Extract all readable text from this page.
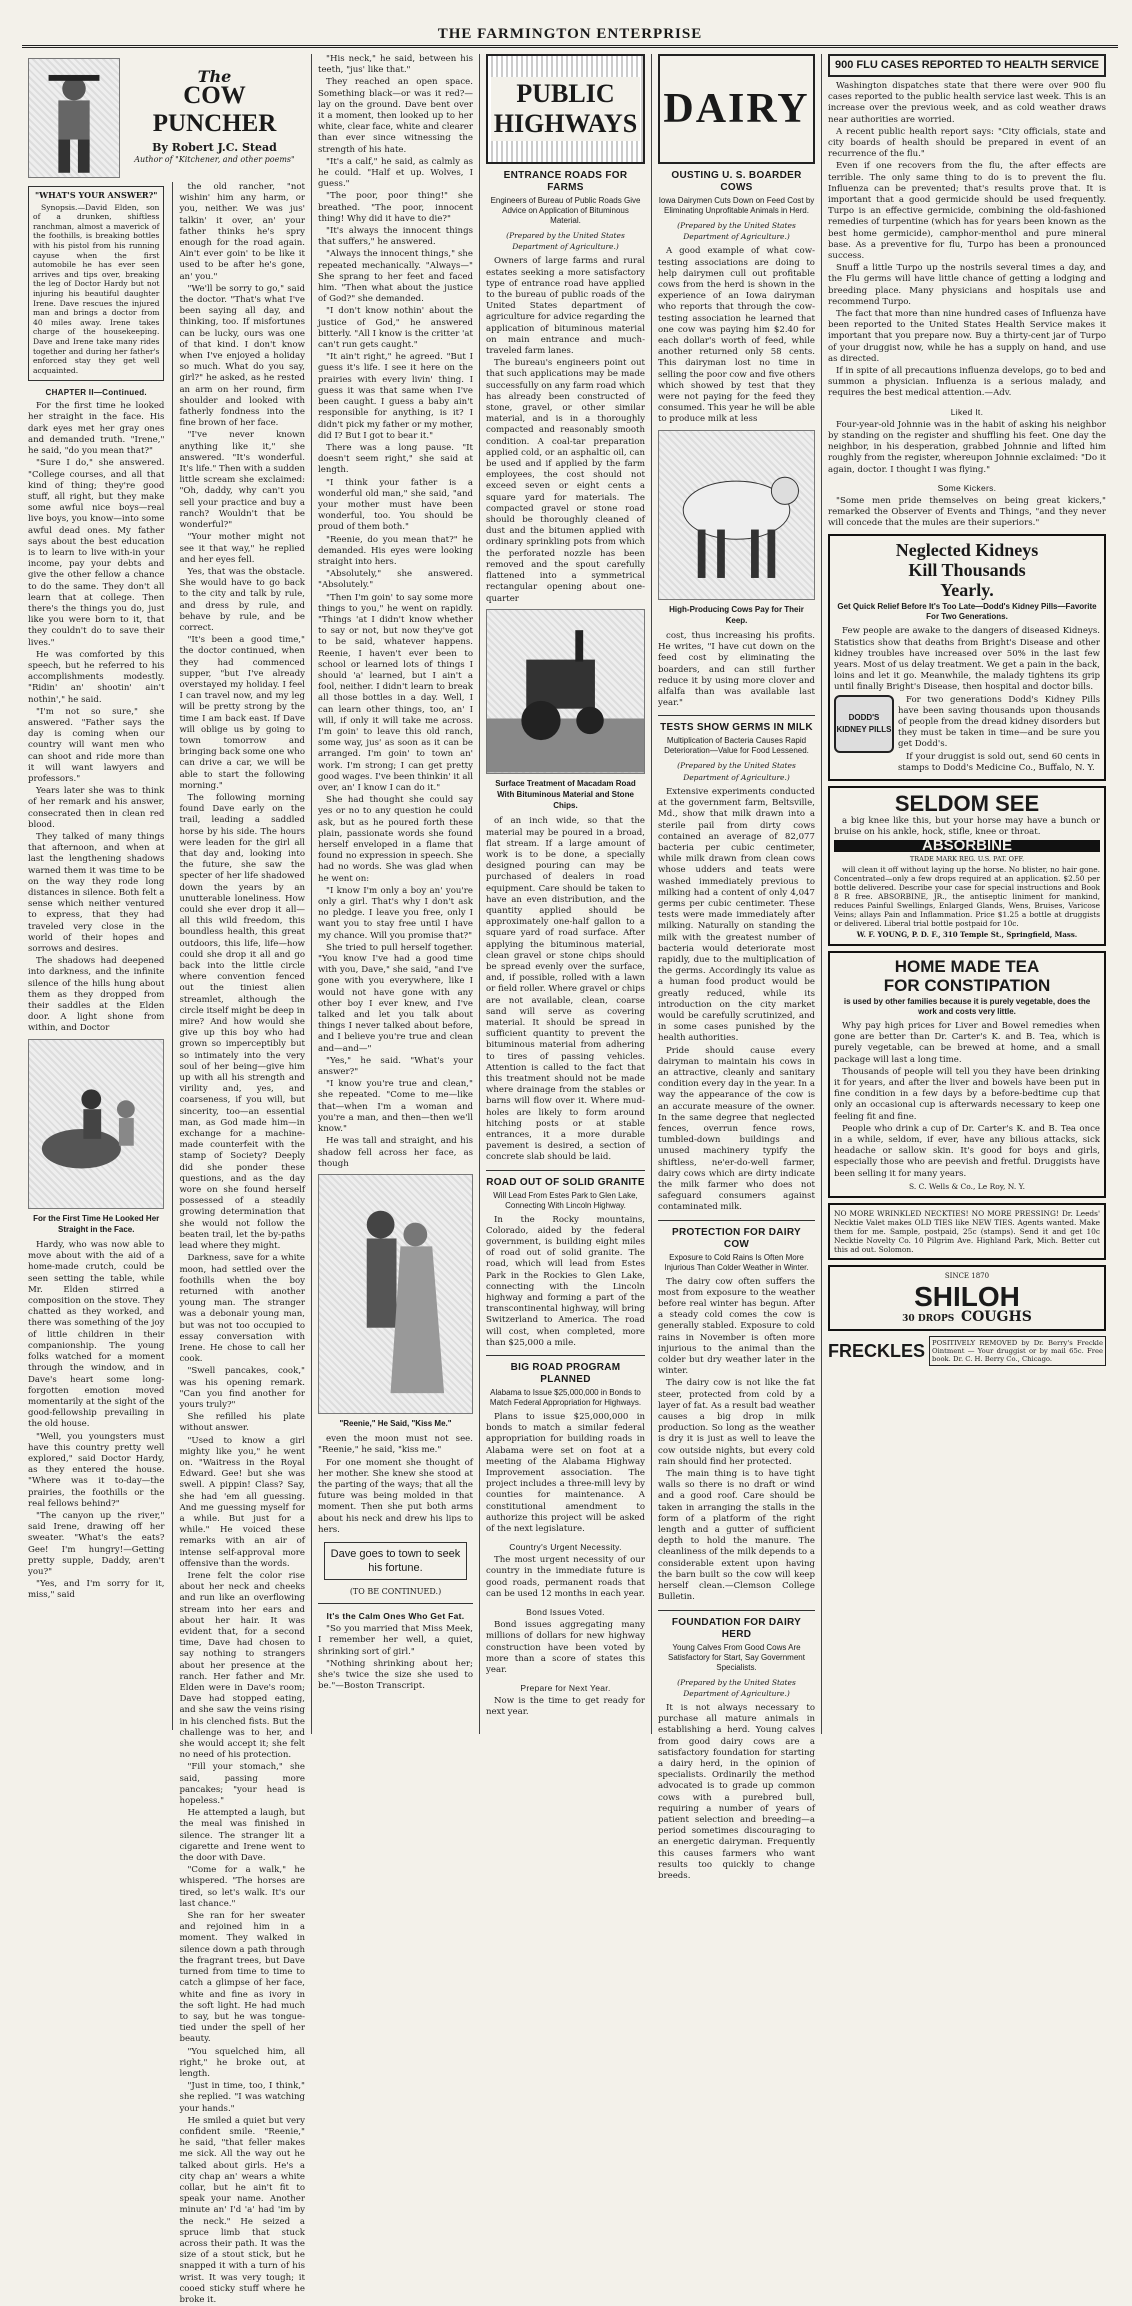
THE FARMINGTON ENTERPRISE
The
COW PUNCHER
By Robert J.C. Stead
Author of "Kitchener, and other poems"
"WHAT'S YOUR ANSWER?"

Synopsis.—David Elden, son of a drunken, shiftless ranchman, almost a maverick of the foothills, is breaking bottles with his pistol from his running cayuse when the first automobile he has ever seen arrives and tips over, breaking the leg of Doctor Hardy but not injuring his beautiful daughter Irene. Dave rescues the injured man and brings a doctor from 40 miles away. Irene takes charge of the housekeeping. Dave and Irene take many rides together and during her father's enforced stay they get well acquainted.

CHAPTER II—Continued.

For the first time he looked her straight in the face. His dark eyes met her gray ones and demanded truth. "Irene," he said, "do you mean that?"

"Sure I do," she answered. "College courses, and all that kind of thing; they're good stuff, all right, but they make some awful nice boys—real live boys, you know—into some awful dead ones. My father says about the best education is to learn to live with-in your income, pay your debts and give the other fellow a chance to do the same. They don't all learn that at college. Then there's the things you do, just like you were born to it, that they couldn't do to save their lives."

He was comforted by this speech, but he referred to his accomplishments modestly. "Ridin' an' shootin' ain't nothin'," he said.

"I'm not so sure," she answered. "Father says the day is coming when our country will want men who can shoot and ride more than it will want lawyers and professors."

Years later she was to think of her remark and his answer, consecrated then in clean red blood.

They talked of many things that afternoon, and when at last the lengthening shadows warned them it was time to be on the way they rode long distances in silence. Both felt a sense which neither ventured to express, that they had traveled very close in the world of their hopes and sorrows and desires.

The shadows had deepened into darkness, and the infinite silence of the hills hung about them as they dropped from their saddles at the Elden door. A light shone from within, and Doctor

For the First Time He Looked Her Straight in the Face.

Hardy, who was now able to move about with the aid of a home-made crutch, could be seen setting the table, while Mr. Elden stirred a composition on the stove. They chatted as they worked, and there was something of the joy of little children in their companionship. The young folks watched for a moment through the window, and in Dave's heart some long-forgotten emotion moved momentarily at the sight of the good-fellowship prevailing in the old house.

"Well, you youngsters must have this country pretty well explored," said Doctor Hardy, as they entered the house. "Where was it to-day—the prairies, the foothills or the real fellows behind?"

"The canyon up the river," said Irene, drawing off her sweater. "What's the eats? Gee! I'm hungry!—Getting pretty supple, Daddy, aren't you?"

"Yes, and I'm sorry for it, miss," said

the old rancher, "not wishin' him any harm, or you, neither. We was jus' talkin' it over, an' your father thinks he's spry enough for the road again. Ain't ever goin' to be like it used to be after he's gone, an' you."

"We'll be sorry to go," said the doctor. "That's what I've been saying all day, and thinking, too. If misfortunes can be lucky, ours was one of that kind. I don't know when I've enjoyed a holiday so much. What do you say, girl?" he asked, as he rested an arm on her round, firm shoulder and looked with fatherly fondness into the fine brown of her face.

"I've never known anything like it," she answered. "It's wonderful. It's life." Then with a sudden little scream she exclaimed: "Oh, daddy, why can't you sell your practice and buy a ranch? Wouldn't that be wonderful?"

"Your mother might not see it that way," he replied and her eyes fell.

Yes, that was the obstacle. She would have to go back to the city and talk by rule, and dress by rule, and behave by rule, and be correct.

"It's been a good time," the doctor continued, when they had commenced supper, "but I've already overstayed my holiday. I feel I can travel now, and my leg will be pretty strong by the time I am back east. If Dave will oblige us by going to town tomorrow and bringing back some one who can drive a car, we will be able to start the following morning."

The following morning found Dave early on the trail, leading a saddled horse by his side. The hours were leaden for the girl all that day and, looking into the future, she saw the specter of her life shadowed down the years by an unutterable loneliness. How could she ever drop it all—all this wild freedom, this boundless health, this great outdoors, this life, life—how could she drop it all and go back into the little circle where convention fenced out the tiniest alien streamlet, although the circle itself might be deep in mire? And how would she give up this boy who had grown so imperceptibly but so intimately into the very soul of her being—give him up with all his strength and virility and, yes, and coarseness, if you will, but sincerity, too—an essential man, as God made him—in exchange for a machine-made counterfeit with the stamp of Society? Deeply did she ponder these questions, and as the day wore on she found herself possessed of a steadily growing determination that she would not follow the beaten trail, let the by-paths lead where they might.

Darkness, save for a white moon, had settled over the foothills when the boy returned with another young man. The stranger was a debonair young man, but was not too occupied to essay conversation with Irene. He chose to call her cook.

"Swell pancakes, cook," was his opening remark. "Can you find another for yours truly?"

She refilled his plate without answer.

"Used to know a girl mighty like you," he went on. "Waitress in the Royal Edward. Gee! but she was swell. A pippin! Class? Say, she had 'em all guessing. And me guessing myself for a while. But just for a while." He voiced these remarks with an air of intense self-approval more offensive than the words.

Irene felt the color rise about her neck and cheeks and run like an overflowing stream into her ears and about her hair. It was evident that, for a second time, Dave had chosen to say nothing to strangers about her presence at the ranch. Her father and Mr. Elden were in Dave's room; Dave had stopped eating, and she saw the veins rising in his clenched fists. But the challenge was to her, and she would accept it; she felt no need of his protection.

"Fill your stomach," she said, passing more pancakes; "your head is hopeless."

He attempted a laugh, but the meal was finished in silence. The stranger lit a cigarette and Irene went to the door with Dave.

"Come for a walk," he whispered. "The horses are tired, so let's walk. It's our last chance."

She ran for her sweater and rejoined him in a moment. They walked in silence down a path through the fragrant trees, but Dave turned from time to time to catch a glimpse of her face, white and fine as ivory in the soft light. He had much to say, but he was tongue-tied under the spell of her beauty.

"You squelched him, all right," he broke out, at length.

"Just in time, too, I think," she replied. "I was watching your hands."

He smiled a quiet but very confident smile. "Reenie," he said, "that feller makes me sick. All the way out he talked about girls. He's a city chap an' wears a white collar, but he ain't fit to speak your name. Another minute an' I'd 'a' had 'im by the neck." He seized a spruce limb that stuck across their path. It was the size of a stout stick, but he snapped it with a turn of his wrist. It was very tough; it cooed sticky stuff where he broke it.

"His neck," he said, between his teeth, "jus' like that."

They reached an open space. Something black—or was it red?—lay on the ground. Dave bent over it a moment, then looked up to her white, clear face, white and clearer than ever since witnessing the strength of his hate.

"It's a calf," he said, as calmly as he could. "Half et up. Wolves, I guess."

"The poor, poor thing!" she breathed. "The poor, innocent thing! Why did it have to die?"

"It's always the innocent things that suffers," he answered.

"Always the innocent things," she repeated mechanically. "Always—" She sprang to her feet and faced him. "Then what about the justice of God?" she demanded.

"I don't know nothin' about the justice of God," he answered bitterly. "All I know is the critter 'at can't run gets caught."

"It ain't right," he agreed. "But I guess it's life. I see it here on the prairies with every livin' thing. I guess it was that same when I've been caught. I guess a baby ain't responsible for anything, is it? I didn't pick my father or my mother, did I? But I got to bear it."

There was a long pause. "It doesn't seem right," she said at length.

"I think your father is a wonderful old man," she said, "and your mother must have been wonderful, too. You should be proud of them both."

"Reenie, do you mean that?" he demanded. His eyes were looking straight into hers.

"Absolutely," she answered. "Absolutely."

"Then I'm goin' to say some more things to you," he went on rapidly. "Things 'at I didn't know whether to say or not, but now they've got to be said, whatever happens. Reenie, I haven't ever been to school or learned lots of things I should 'a' learned, but I ain't a fool, neither. I didn't learn to break all those bottles in a day. Well, I can learn other things, too, an' I will, if only it will take me across. I'm goin' to leave this old ranch, some way, jus' as soon as it can be arranged. I'm goin' to town an' work. I'm strong; I can get pretty good wages. I've been thinkin' it all over, an' I know I can do it."

She had thought she could say yes or no to any question he could ask, but as he poured forth these plain, passionate words she found herself enveloped in a flame that found no expression in speech. She had no words. She was glad when he went on:

"I know I'm only a boy an' you're only a girl. That's why I don't ask no pledge. I leave you free, only I want you to stay free until I have my chance. Will you promise that?"

She tried to pull herself together. "You know I've had a good time with you, Dave," she said, "and I've gone with you everywhere, like I would not have gone with any other boy I ever knew, and I've talked and let you talk about things I never talked about before, and I believe you're true and clean and—and—"

"Yes," he said. "What's your answer?"

"I know you're true and clean," she repeated. "Come to me—like that—when I'm a woman and you're a man, and then—then we'll know."

He was tall and straight, and his shadow fell across her face, as though

"Reenie," He Said, "Kiss Me."

even the moon must not see. "Reenie," he said, "kiss me."

For one moment she thought of her mother. She knew she stood at the parting of the ways; that all the future was being molded in that moment. Then she put both arms about his neck and drew his lips to hers.

Dave goes to town to seek his fortune.
(TO BE CONTINUED.)
It's the Calm Ones Who Get Fat.

"So you married that Miss Meek, I remember her well, a quiet, shrinking sort of girl."

"Nothing shrinking about her; she's twice the size she used to be."—Boston Transcript.

PUBLIC HIGHWAYS
ENTRANCE ROADS FOR FARMS
Engineers of Bureau of Public Roads Give Advice on Application of Bituminous Material.
(Prepared by the United States Department of Agriculture.)

Owners of large farms and rural estates seeking a more satisfactory type of entrance road have applied to the bureau of public roads of the United States department of agriculture for advice regarding the application of bituminous material on main entrance and much-traveled farm lanes.

The bureau's engineers point out that such applications may be made successfully on any farm road which has already been constructed of stone, gravel, or other similar material, and is in a thoroughly compacted and reasonably smooth condition. A coal-tar preparation applied cold, or an asphaltic oil, can be used and if applied by the farm employees, the cost should not exceed seven or eight cents a square yard for materials. The compacted gravel or stone road should be thoroughly cleaned of dust and the bitumen applied with ordinary sprinkling pots from which the perforated nozzle has been removed and the spout carefully flattened into a symmetrical rectangular opening about one-quarter

Surface Treatment of Macadam Road With Bituminous Material and Stone Chips.

of an inch wide, so that the material may be poured in a broad, flat stream. If a large amount of work is to be done, a specially designed pouring can may be purchased of dealers in road equipment. Care should be taken to have an even distribution, and the quantity applied should be approximately one-half gallon to a square yard of road surface. After applying the bituminous material, clean gravel or stone chips should be spread evenly over the surface, and, if possible, rolled with a lawn or field roller. Where gravel or chips are not available, clean, coarse sand will serve as covering material. It should be spread in sufficient quantity to prevent the bituminous material from adhering to tires of passing vehicles. Attention is called to the fact that this treatment should not be made where drainage from the stables or barns will flow over it. Where mud-holes are likely to form around hitching posts or at stable entrances, it a more durable pavement is desired, a section of concrete slab should be laid.

ROAD OUT OF SOLID GRANITE
Will Lead From Estes Park to Glen Lake, Connecting With Lincoln Highway.

In the Rocky mountains, Colorado, aided by the federal government, is building eight miles of road out of solid granite. The road, which will lead from Estes Park in the Rockies to Glen Lake, connecting with the Lincoln highway and forming a part of the transcontinental highway, will bring Switzerland to America. The road will cost, when completed, more than $25,000 a mile.

BIG ROAD PROGRAM PLANNED
Alabama to Issue $25,000,000 in Bonds to Match Federal Appropriation for Highways.

Plans to issue $25,000,000 in bonds to match a similar federal appropriation for building roads in Alabama were set on foot at a meeting of the Alabama Highway Improvement association. The project includes a three-mill levy by counties for maintenance. A constitutional amendment to authorize this project will be asked of the next legislature.

Country's Urgent Necessity.

The most urgent necessity of our country in the immediate future is good roads, permanent roads that can be used 12 months in each year.

Bond Issues Voted.

Bond issues aggregating many millions of dollars for new highway construction have been voted by more than a score of states this year.

Prepare for Next Year.

Now is the time to get ready for next year.

DAIRY
OUSTING U. S. BOARDER COWS
Iowa Dairymen Cuts Down on Feed Cost by Eliminating Unprofitable Animals in Herd.
(Prepared by the United States Department of Agriculture.)

A good example of what cow-testing associations are doing to help dairymen cull out profitable cows from the herd is shown in the experience of an Iowa dairyman who reports that through the cow-testing association he learned that one cow was paying him $2.40 for each dollar's worth of feed, while another returned only 58 cents. This dairyman lost no time in selling the poor cow and five others which showed by test that they were not paying for the feed they consumed. This year he will be able to produce milk at less

High-Producing Cows Pay for Their Keep.

cost, thus increasing his profits. He writes, "I have cut down on the feed cost by eliminating the boarders, and can still further reduce it by using more clover and alfalfa than was available last year."

TESTS SHOW GERMS IN MILK
Multiplication of Bacteria Causes Rapid Deterioration—Value for Food Lessened.
(Prepared by the United States Department of Agriculture.)

Extensive experiments conducted at the government farm, Beltsville, Md., show that milk drawn into a sterile pail from dirty cows contained an average of 82,077 bacteria per cubic centimeter, while milk drawn from clean cows whose udders and teats were washed immediately previous to milking had a content of only 4,047 germs per cubic centimeter. These tests were made immediately after milking. Naturally on standing the milk with the greatest number of bacteria would deteriorate most rapidly, due to the multiplication of the germs. Accordingly its value as a human food product would be greatly reduced, while its introduction on the city market would be carefully scrutinized, and in some cases punished by the health authorities.

Pride should cause every dairyman to maintain his cows in an attractive, cleanly and sanitary condition every day in the year. In a way the appearance of the cow is an accurate measure of the owner. In the same degree that neglected fences, overrun fence rows, tumbled-down buildings and unused machinery typify the shiftless, ne'er-do-well farmer, dairy cows which are dirty indicate the milk farmer who does not safeguard consumers against contaminated milk.

PROTECTION FOR DAIRY COW
Exposure to Cold Rains Is Often More Injurious Than Colder Weather in Winter.

The dairy cow often suffers the most from exposure to the weather before real winter has begun. After a steady cold comes the cow is generally stabled. Exposure to cold rains in November is often more injurious to the animal than the colder but dry weather later in the winter.

The dairy cow is not like the fat steer, protected from cold by a layer of fat. As a result bad weather causes a big drop in milk production. So long as the weather is dry it is just as well to leave the cow outside nights, but every cold rain should find her protected.

The main thing is to have tight walls so there is no draft or wind and a good roof. Care should be taken in arranging the stalls in the form of a platform of the right length and a gutter of sufficient depth to hold the manure. The cleanliness of the milk depends to a considerable extent upon having the barn built so the cow will keep herself clean.—Clemson College Bulletin.

FOUNDATION FOR DAIRY HERD
Young Calves From Good Cows Are Satisfactory for Start, Say Government Specialists.
(Prepared by the United States Department of Agriculture.)

It is not always necessary to purchase all mature animals in establishing a herd. Young calves from good dairy cows are a satisfactory foundation for starting a dairy herd, in the opinion of specialists. Ordinarily the method advocated is to grade up common cows with a purebred bull, requiring a number of years of patient selection and breeding—a period sometimes discouraging to an energetic dairyman. Frequently this causes farmers who want results too quickly to change breeds.

900 FLU CASES REPORTED TO HEALTH SERVICE

Washington dispatches state that there were over 900 flu cases reported to the public health service last week. This is an increase over the previous week, and as cold weather draws near authorities are worried.

A recent public health report says: "City officials, state and city boards of health should be prepared in event of an recurrence of the flu."

Even if one recovers from the flu, the after effects are terrible. The only same thing to do is to prevent the flu. Influenza can be prevented; that's results prove that. It is important that a good germicide should be used frequently. Turpo is an effective germicide, combining the old-fashioned remedies of turpentine (which has for years been known as the best home germicide), camphor-menthol and pure mineral base. As a preventive for flu, Turpo has been a pronounced success.

Snuff a little Turpo up the nostrils several times a day, and the Flu germs will have little chance of getting a lodging and breeding place. Many physicians and hospitals use and recommend Turpo.

The fact that more than nine hundred cases of Influenza have been reported to the United States Health Service makes it important that you prepare now. Buy a thirty-cent jar of Turpo of your druggist now, while he has a supply on hand, and use as directed.

If in spite of all precautions influenza develops, go to bed and summon a physician. Influenza is a serious malady, and requires the best medical attention.—Adv.

Liked It.

Four-year-old Johnnie was in the habit of asking his neighbor by standing on the register and shuffling his feet. One day the neighbor, in his desperation, grabbed Johnnie and lifted him roughly from the register, whereupon Johnnie exclaimed: "Do it again, doctor. I thought I was flying."

Some Kickers.

"Some men pride themselves on being great kickers," remarked the Observer of Events and Things, "and they never will concede that the mules are their superiors."

Neglected Kidneys
Kill Thousands
Yearly.
Get Quick Relief Before It's Too Late—Dodd's Kidney Pills—Favorite For Two Generations.

Few people are awake to the dangers of diseased Kidneys. Statistics show that deaths from Bright's Disease and other kidney troubles have increased over 50% in the last few years. Most of us delay treatment. We get a pain in the back, loins and let it go. Meanwhile, the malady tightens its grip until finally Bright's Disease, then hospital and doctor bills.

DODD'S KIDNEY PILLS

For two generations Dodd's Kidney Pills have been saving thousands upon thousands of people from the dread kidney disorders but they must be taken in time—and be sure you get Dodd's.

If your druggist is sold out, send 60 cents in stamps to Dodd's Medicine Co., Buffalo, N. Y.

SELDOM SEE

a big knee like this, but your horse may have a bunch or bruise on his ankle, hock, stifle, knee or throat.

ABSORBINE
TRADE MARK REG. U.S. PAT. OFF.

will clean it off without laying up the horse. No blister, no hair gone. Concentrated—only a few drops required at an application. $2.50 per bottle delivered. Describe your case for special instructions and Book 8 R free. ABSORBINE, JR., the antiseptic liniment for mankind, reduces Painful Swellings, Enlarged Glands, Wens, Bruises, Varicose Veins; allays Pain and Inflammation. Price $1.25 a bottle at druggists or delivered. Liberal trial bottle postpaid for 10c.

W. F. YOUNG, P. D. F., 310 Temple St., Springfield, Mass.
HOME MADE TEA
FOR CONSTIPATION
is used by other families because it is purely vegetable, does the work and costs very little.

Why pay high prices for Liver and Bowel remedies when gone are better than Dr. Carter's K. and B. Tea, which is purely vegetable, can be brewed at home, and a small package will last a long time.

Thousands of people will tell you they have been drinking it for years, and after the liver and bowels have been put in fine condition in a few days by a before-bedtime cup that only an occasional cup is afterwards necessary to keep one feeling fit and fine.

People who drink a cup of Dr. Carter's K. and B. Tea once in a while, seldom, if ever, have any bilious attacks, sick headache or sallow skin. It's good for boys and girls, especially those who are peevish and fretful. Druggists have been selling it for many years.

S. C. Wells & Co., Le Roy, N. Y.
NO MORE WRINKLED NECKTIES! NO MORE PRESSING! Dr. Leeds' Necktie Valet makes OLD TIES like NEW TIES. Agents wanted. Make them for me. Sample, postpaid, 25c (stamps). Send it and get 10c Necktie Novelty Co. 10 Pilgrim Ave. Highland Park, Mich. Better cut this ad out. Solomon.
SINCE 1870
SHILOH
30 DROPS COUGHS
FRECKLES	POSITIVELY REMOVED by Dr. Berry's Freckle Ointment — Your druggist or by mail 65c. Free book. Dr. C. H. Berry Co., Chicago.
